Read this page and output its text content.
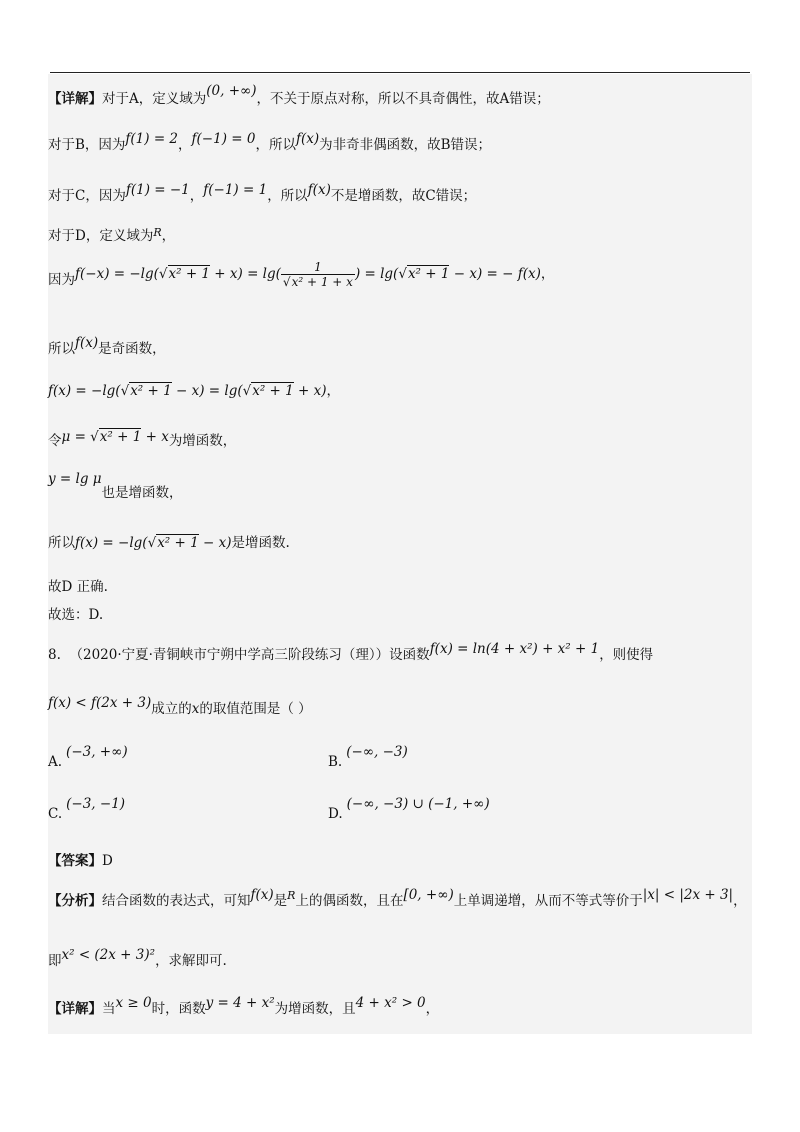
【详解】对于A，定义域为(0, +∞)，不关于原点对称，所以不具奇偶性，故A错误；
对于B，因为f(1) = 2，f(−1) = 0，所以f(x)为非奇非偶函数，故B错误；
对于C，因为f(1) = −1，f(−1) = 1，所以f(x)不是增函数，故C错误；
对于D，定义域为$^R$，
因为$f(-x) = -\lg(√x^2 + 1 + x) = \lg( \frac{1}{\text{√x² + 1 + x}}$ ) = lg(√x² + 1 − x) = − f(x)，
所以f(x)是奇函数，
f(x) = −lg(√x² + 1 − x) = lg(√x² + 1 + x)，
令μ = √x² + 1 + x为增函数，
y = lg μ也是增函数，
所以f(x) = −lg(√x² + 1 − x)是增函数.
故D 正确.
故选：D.
8. （2020·宁夏·青铜峡市宁朔中学高三阶段练习（理））设函数f(x) = ln(4 + x²) + x² + 1，则使得
f(x) < f(2x + 3)成立的x的取值范围是（ ）
A.(−3, +∞)
B.(−∞, −3)
C.(−3, −1)
D.(−∞, −3) ∪ (−1, +∞)
【答案】D
【分析】结合函数的表达式，可知f(x)是$^R$上的偶函数，且在[0, +∞)上单调递增，从而不等式等价于|x| < |2x + 3|，
即x² < (2x + 3)²，求解即可.
【详解】当x ≥ 0时，函数y = 4 + x²为增函数，且4 + x² > 0，
